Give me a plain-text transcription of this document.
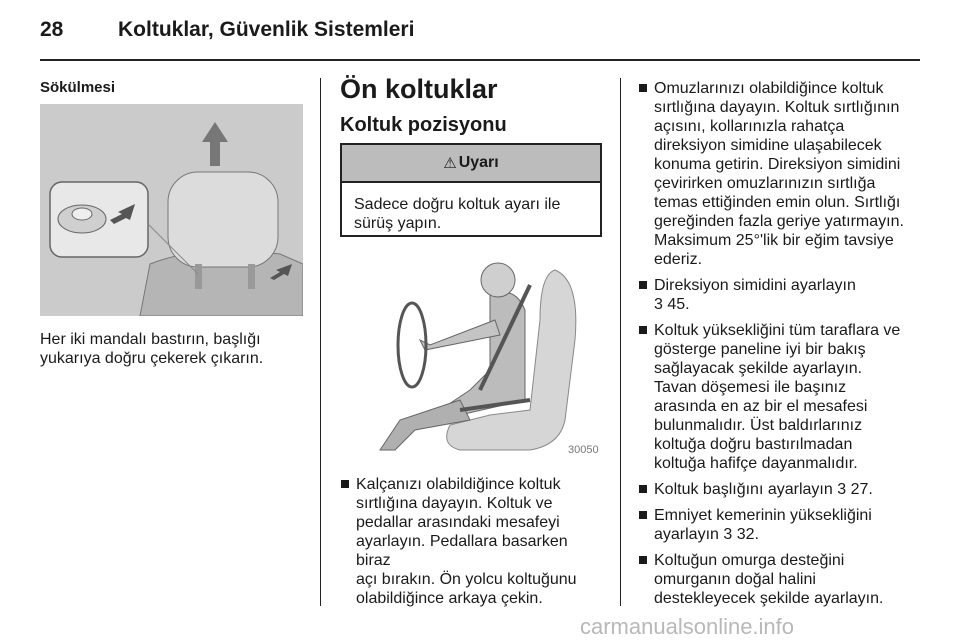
28	Koltuklar, Güvenlik Sistemleri
Sökülmesi
Her iki mandalı bastırın, başlığı
yukarıya doğru çekerek çıkarın.
Ön koltuklar
Koltuk pozisyonu
⚠ Uyarı
Sadece doğru koltuk ayarı ile
sürüş yapın.
30050
Kalçanızı olabildiğince koltuk
sırtlığına dayayın. Koltuk ve
pedallar arasındaki mesafeyi
ayarlayın. Pedallara basarken biraz
açı bırakın. Ön yolcu koltuğunu
olabildiğince arkaya çekin.
Omuzlarınızı olabildiğince koltuk
sırtlığına dayayın. Koltuk sırtlığının
açısını, kollarınızla rahatça
direksiyon simidine ulaşabilecek
konuma getirin. Direksiyon simidini
çevirirken omuzlarınızın sırtlığa
temas ettiğinden emin olun. Sırtlığı
gereğinden fazla geriye yatırmayın.
Maksimum 25°'lik bir eğim tavsiye
ederiz.
Direksiyon simidini ayarlayın
3 45.
Koltuk yüksekliğini tüm taraflara ve
gösterge paneline iyi bir bakış
sağlayacak şekilde ayarlayın.
Tavan döşemesi ile başınız
arasında en az bir el mesafesi
bulunmalıdır. Üst baldırlarınız
koltuğa doğru bastırılmadan
koltuğa hafifçe dayanmalıdır.
Koltuk başlığını ayarlayın 3 27.
Emniyet kemerinin yüksekliğini
ayarlayın 3 32.
Koltuğun omurga desteğini
omurganın doğal halini
destekleyecek şekilde ayarlayın.
carmanualsonline.info
